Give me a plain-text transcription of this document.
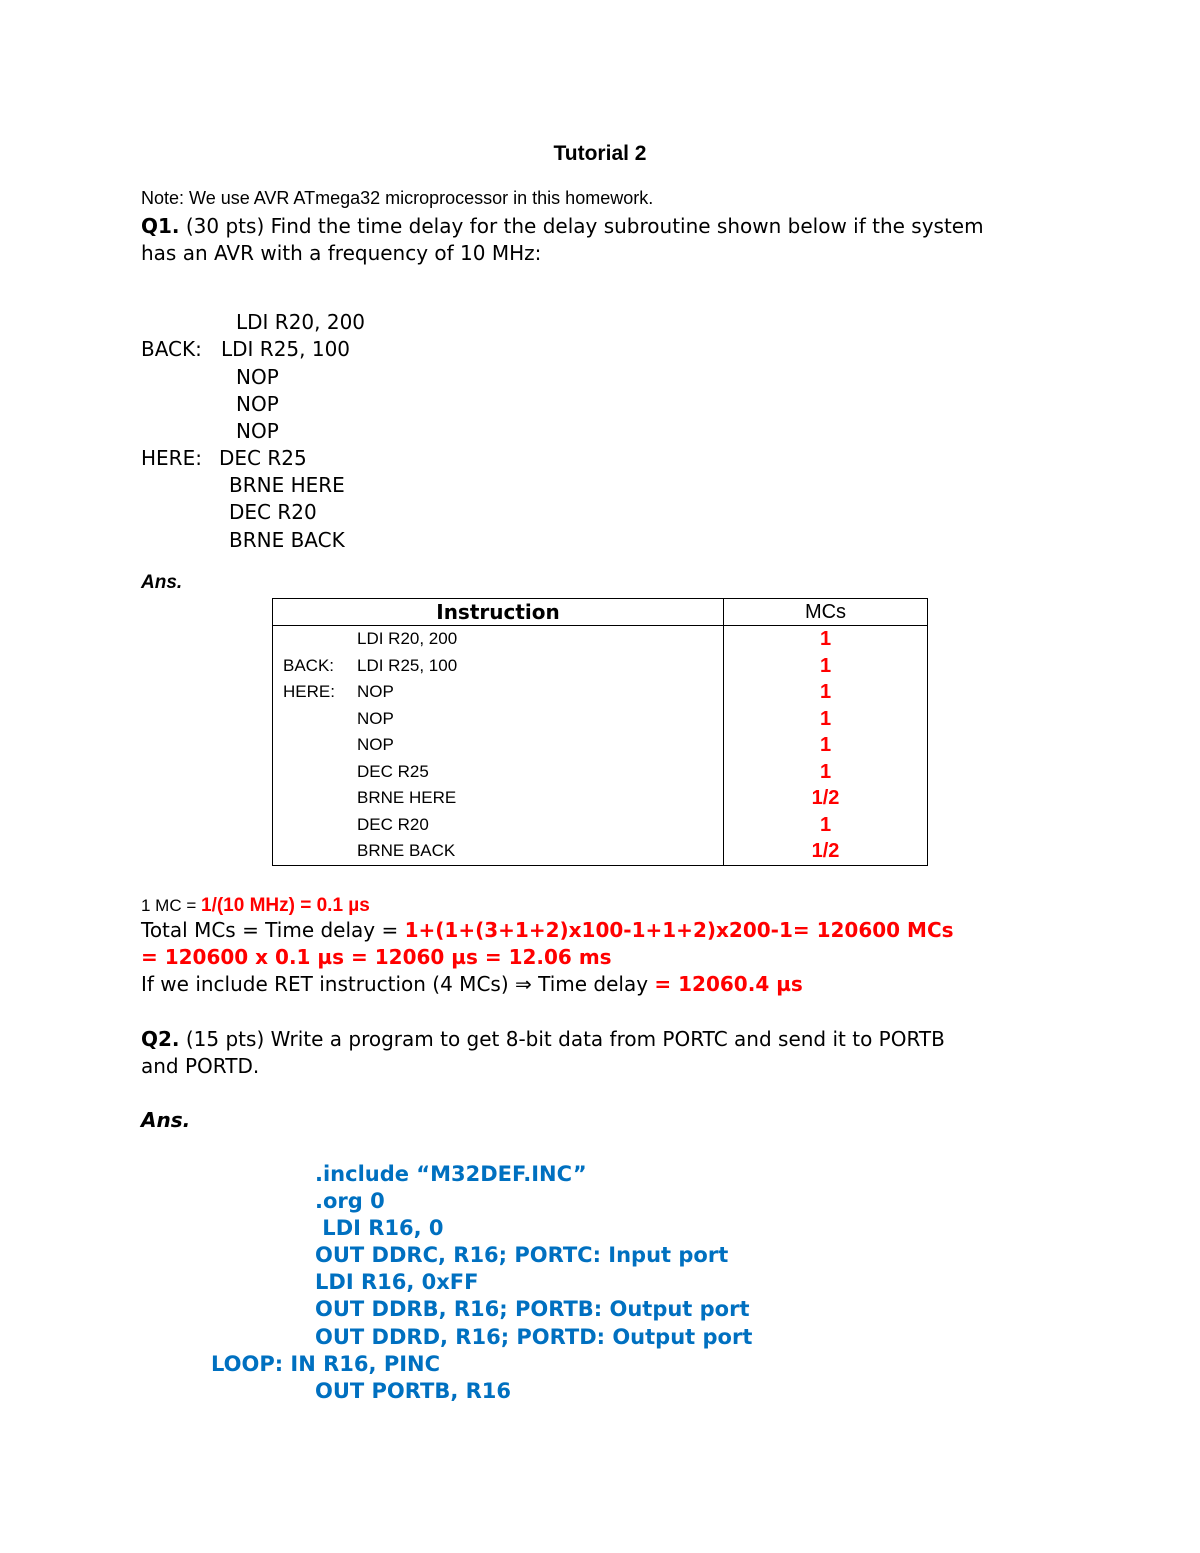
Tutorial 2
Note: We use AVR ATmega32 microprocessor in this homework.
Q1. (30 pts) Find the time delay for the delay subroutine shown below if the system
has an AVR with a frequency of 10 MHz:
LDI R20, 200
BACK: LDI R25, 100
NOP
NOP
NOP
HERE: DEC R25
BRNE HERE
DEC R20
BRNE BACK
Ans.
Instruction	MCs

LDI R20, 200	1

BACK: LDI R25, 100	1

HERE: NOP	1

NOP	1

NOP	1

DEC R25	1

BRNE HERE	1/2

DEC R20	1

BRNE BACK	1/2
1 MC = 1/(10 MHz) = 0.1 µs
Total MCs = Time delay = 1+(1+(3+1+2)x100-1+1+2)x200-1= 120600 MCs
= 120600 x 0.1 µs = 12060 µs = 12.06 ms
If we include RET instruction (4 MCs) ⇒ Time delay = 12060.4 µs
Q2. (15 pts) Write a program to get 8-bit data from PORTC and send it to PORTB
and PORTD.
Ans.
.include “M32DEF.INC”
.org 0
LDI R16, 0
OUT DDRC, R16; PORTC: Input port
LDI R16, 0xFF
OUT DDRB, R16; PORTB: Output port
OUT DDRD, R16; PORTD: Output port
LOOP: IN R16, PINC
OUT PORTB, R16
